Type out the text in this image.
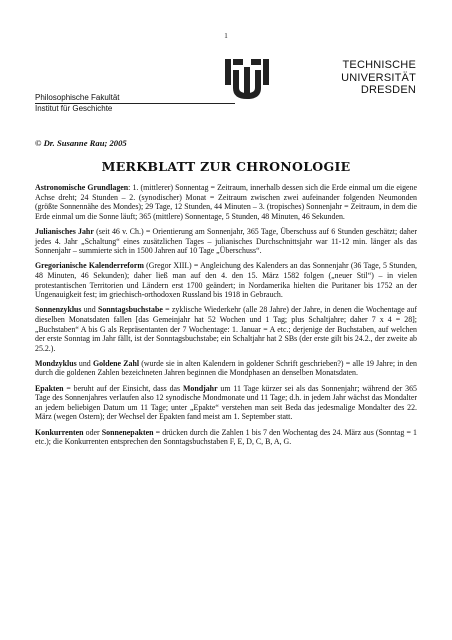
1
TECHNISCHE
UNIVERSITÄT
DRESDEN
Philosophische Fakultät
Institut für Geschichte
© Dr. Susanne Rau; 2005
MERKBLATT ZUR CHRONOLOGIE

Astronomische Grundlagen: 1. (mittlerer) Sonnentag = Zeitraum, innerhalb dessen sich die Erde einmal um die eigene Achse dreht; 24 Stunden – 2. (synodischer) Monat = Zeitraum zwischen zwei aufeinander folgenden Neumonden (größte Sonnennähe des Mondes); 29 Tage, 12 Stunden, 44 Minuten – 3. (tropisches) Sonnenjahr = Zeitraum, in dem die Erde einmal um die Sonne läuft; 365 (mittlere) Sonnentage, 5 Stunden, 48 Minuten, 46 Sekunden.

Julianisches Jahr (seit 46 v. Ch.) = Orientierung am Sonnenjahr, 365 Tage, Überschuss auf 6 Stunden geschätzt; daher jedes 4. Jahr „Schaltung“ eines zusätzlichen Tages – julianisches Durchschnittsjahr war 11-12 min. länger als das Sonnenjahr – summierte sich in 1500 Jahren auf 10 Tage „Überschuss“.

Gregorianische Kalenderreform (Gregor XIII.) = Angleichung des Kalenders an das Sonnenjahr (36 Tage, 5 Stunden, 48 Minuten, 46 Sekunden); daher ließ man auf den 4. den 15. März 1582 folgen („neuer Stil“) – in vielen protestantischen Territorien und Ländern erst 1700 geändert; in Nordamerika hielten die Puritaner bis 1752 an der Ungenauigkeit fest; im griechisch-orthodoxen Russland bis 1918 in Gebrauch.

Sonnenzyklus und Sonntagsbuchstabe = zyklische Wiederkehr (alle 28 Jahre) der Jahre, in denen die Wochentage auf dieselben Monatsdaten fallen [das Gemeinjahr hat 52 Wochen und 1 Tag; plus Schaltjahre; daher 7 x 4 = 28]; „Buchstaben“ A bis G als Repräsentanten der 7 Wochentage: 1. Januar = A etc.; derjenige der Buchstaben, auf welchen der erste Sonntag im Jahr fällt, ist der Sonntagsbuchstabe; ein Schaltjahr hat 2 SBs (der erste gilt bis 24.2., der zweite ab 25.2.).

Mondzyklus und Goldene Zahl (wurde sie in alten Kalendern in goldener Schrift geschrieben?) = alle 19 Jahre; in den durch die goldenen Zahlen bezeichneten Jahren beginnen die Mondphasen an denselben Monatsdaten.

Epakten = beruht auf der Einsicht, dass das Mondjahr um 11 Tage kürzer sei als das Sonnenjahr; während der 365 Tage des Sonnenjahres verlaufen also 12 synodische Mondmonate und 11 Tage; d.h. in jedem Jahr wächst das Mondalter an jedem beliebigen Datum um 11 Tage; unter „Epakte“ verstehen man seit Beda das jedesmalige Mondalter des 22. März (wegen Ostern); der Wechsel der Epakten fand meist am 1. September statt.

Konkurrenten oder Sonnenepakten = drücken durch die Zahlen 1 bis 7 den Wochentag des 24. März aus (Sonntag = 1 etc.); die Konkurrenten entsprechen den Sonntagsbuchstaben F, E, D, C, B, A, G.
